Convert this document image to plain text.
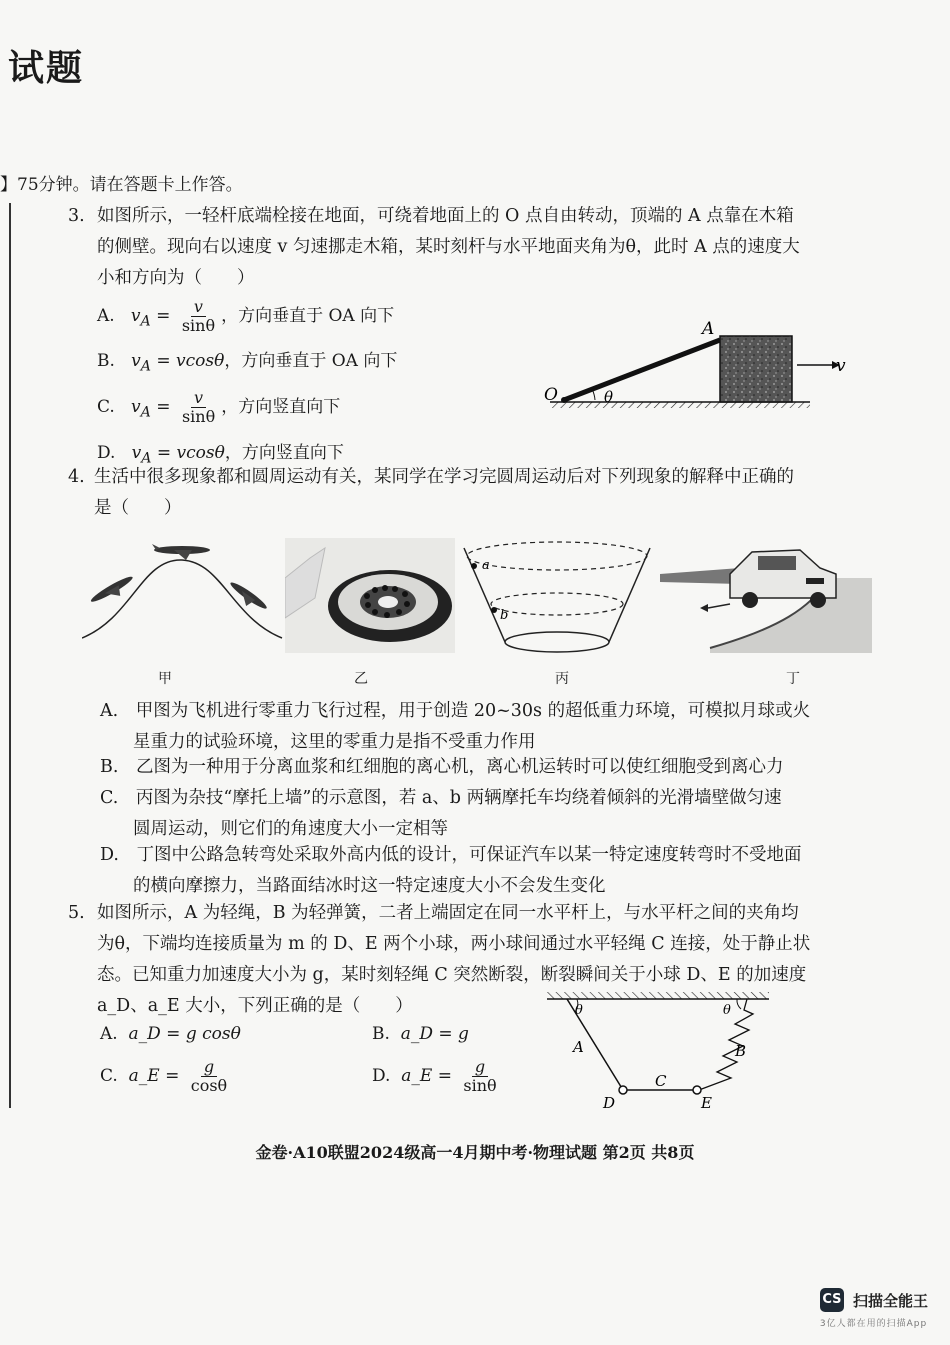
试题
】75分钟。请在答题卡上作答。
3. 如图所示，一轻杆底端栓接在地面，可绕着地面上的 O 点自由转动，顶端的 A 点靠在木箱
的侧壁。现向右以速度 v 匀速挪走木箱，某时刻杆与水平地面夹角为θ，此时 A 点的速度大
小和方向为（　　）
A. $v_A = \frac{v}{\sin\theta}$ ，方向垂直于 OA 向下
B. $v_A = vcos\theta$，方向垂直于 OA 向下
C. $v_A = \frac{v}{\sin\theta}$ ，方向竖直向下
D. $v_A = vcos\theta$，方向竖直向下
A
O	θ
v
4. 生活中很多现象都和圆周运动有关，某同学在学习完圆周运动后对下列现象的解释中正确的
是（　　）
甲	乙
a
b
丙	丁
A. 甲图为飞机进行零重力飞行过程，用于创造 20~30s 的超低重力环境，可模拟月球或火
星重力的试验环境，这里的零重力是指不受重力作用
B. 乙图为一种用于分离血浆和红细胞的离心机，离心机运转时可以使红细胞受到离心力
C. 丙图为杂技“摩托上墙”的示意图，若 a、b 两辆摩托车均绕着倾斜的光滑墙壁做匀速
圆周运动，则它们的角速度大小一定相等
D. 丁图中公路急转弯处采取外高内低的设计，可保证汽车以某一特定速度转弯时不受地面
的横向摩擦力，当路面结冰时这一特定速度大小不会发生变化
5. 如图所示，A 为轻绳，B 为轻弹簧，二者上端固定在同一水平杆上，与水平杆之间的夹角均
为θ，下端均连接质量为 m 的 D、E 两个小球，两小球间通过水平轻绳 C 连接，处于静止状
态。已知重力加速度大小为 g，某时刻轻绳 C 突然断裂，断裂瞬间关于小球 D、E 的加速度
a_D、a_E 大小，下列正确的是（　　）
A. a_D = g cosθ	B. a_D = g
C. a_E = $\frac{g}{\cos\theta}$	D. a_E = $\frac{g}{\sin\theta}$
θ	θ
A	B
C
D	E
金卷·A10联盟2024级高一4月期中考·物理试题 第2页 共8页
CS 扫描全能王
3亿人都在用的扫描App
